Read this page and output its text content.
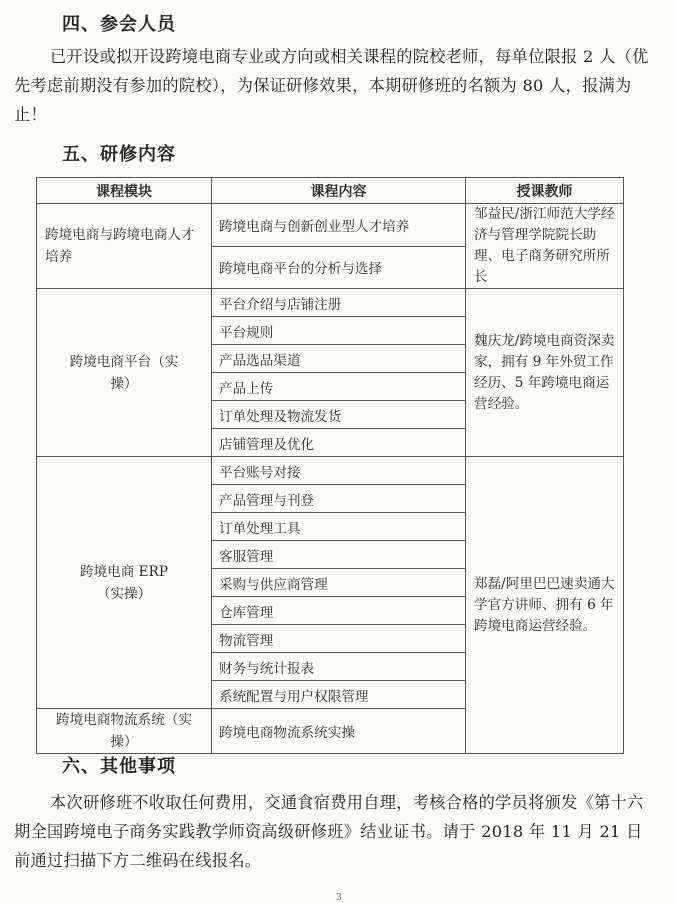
四、参会人员
已开设或拟开设跨境电商专业或方向或相关课程的院校老师，每单位限报 2 人（优先考虑前期没有参加的院校），为保证研修效果，本期研修班的名额为 80 人，报满为止！
五、研修内容
课程模块	课程内容	授课教师
跨境电商与跨境电商人才培养	跨境电商与创新创业型人才培养	邹益民/浙江师范大学经济与管理学院院长助理、电子商务研究所所长
	跨境电商平台的分析与选择	
跨境电商平台（实操）	平台介绍与店铺注册	魏庆龙/跨境电商资深卖家，拥有 9 年外贸工作经历、5 年跨境电商运营经验。
	平台规则	
	产品选品渠道	
	产品上传	
	订单处理及物流发货	
	店铺管理及优化	
跨境电商 ERP（实操）	平台账号对接	郑磊/阿里巴巴速卖通大学官方讲师、拥有 6 年跨境电商运营经验。
	产品管理与刊登	
	订单处理工具	
	客服管理	
	采购与供应商管理	
	仓库管理	
	物流管理	
	财务与统计报表	
	系统配置与用户权限管理	
跨境电商物流系统（实操）	跨境电商物流系统实操	
六、其他事项
本次研修班不收取任何费用，交通食宿费用自理，考核合格的学员将颁发《第十六期全国跨境电子商务实践教学师资高级研修班》结业证书。请于 2018 年 11 月 21 日前通过扫描下方二维码在线报名。
3
